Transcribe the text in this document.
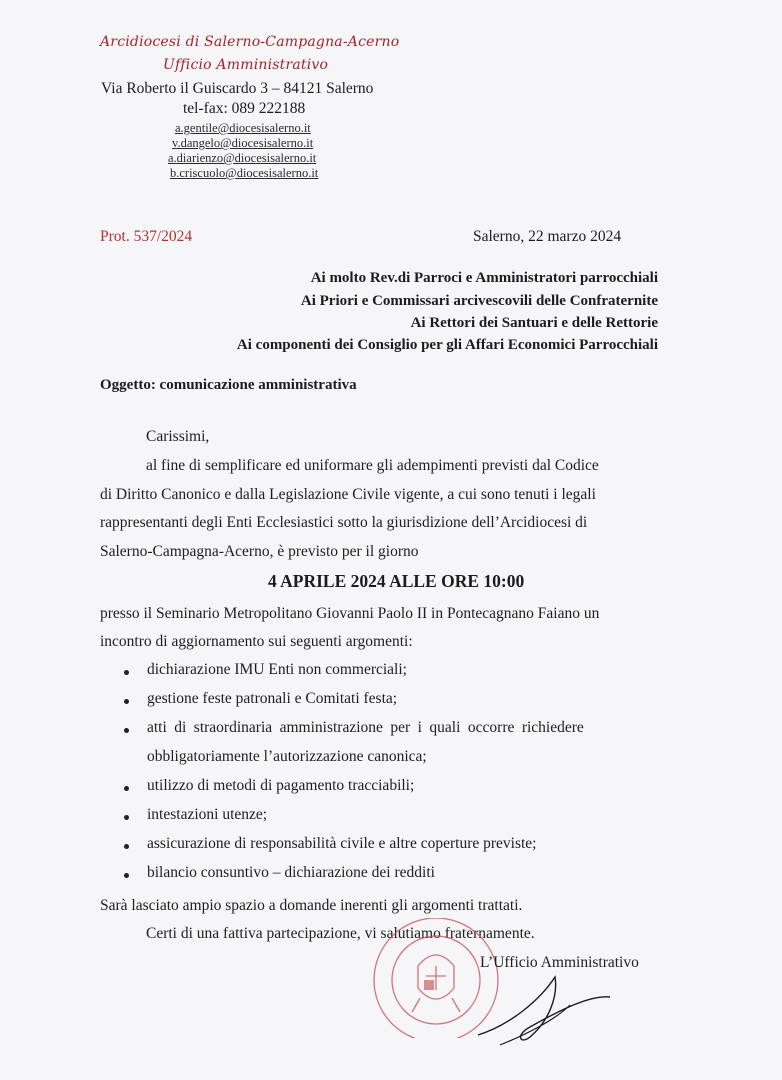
Arcidiocesi di Salerno-Campagna-Acerno
Ufficio Amministrativo
Via Roberto il Guiscardo 3 – 84121 Salerno
tel-fax: 089 222188
a.gentile@diocesisalerno.it
v.dangelo@diocesisalerno.it
a.diarienzo@diocesisalerno.it
b.criscuolo@diocesisalerno.it
Prot. 537/2024	Salerno, 22 marzo 2024
Ai molto Rev.di Parroci e Amministratori parrocchiali
Ai Priori e Commissari arcivescovili delle Confraternite
Ai Rettori dei Santuari e delle Rettorie
Ai componenti dei Consiglio per gli Affari Economici Parrocchiali
Oggetto: comunicazione amministrativa
Carissimi,
al fine di semplificare ed uniformare gli adempimenti previsti dal Codice
di Diritto Canonico e dalla Legislazione Civile vigente, a cui sono tenuti i legali
rappresentanti degli Enti Ecclesiastici sotto la giurisdizione dell’Arcidiocesi di
Salerno-Campagna-Acerno, è previsto per il giorno
4 APRILE 2024 ALLE ORE 10:00
presso il Seminario Metropolitano Giovanni Paolo II in Pontecagnano Faiano un
incontro di aggiornamento sui seguenti argomenti:
dichiarazione IMU Enti non commerciali;
gestione feste patronali e Comitati festa;
atti di straordinaria amministrazione per i quali occorre richiedere
obbligatoriamente l’autorizzazione canonica;
utilizzo di metodi di pagamento tracciabili;
intestazioni utenze;
assicurazione di responsabilità civile e altre coperture previste;
bilancio consuntivo – dichiarazione dei redditi
Sarà lasciato ampio spazio a domande inerenti gli argomenti trattati.
Certi di una fattiva partecipazione, vi salutiamo fraternamente.
L’Ufficio Amministrativo
